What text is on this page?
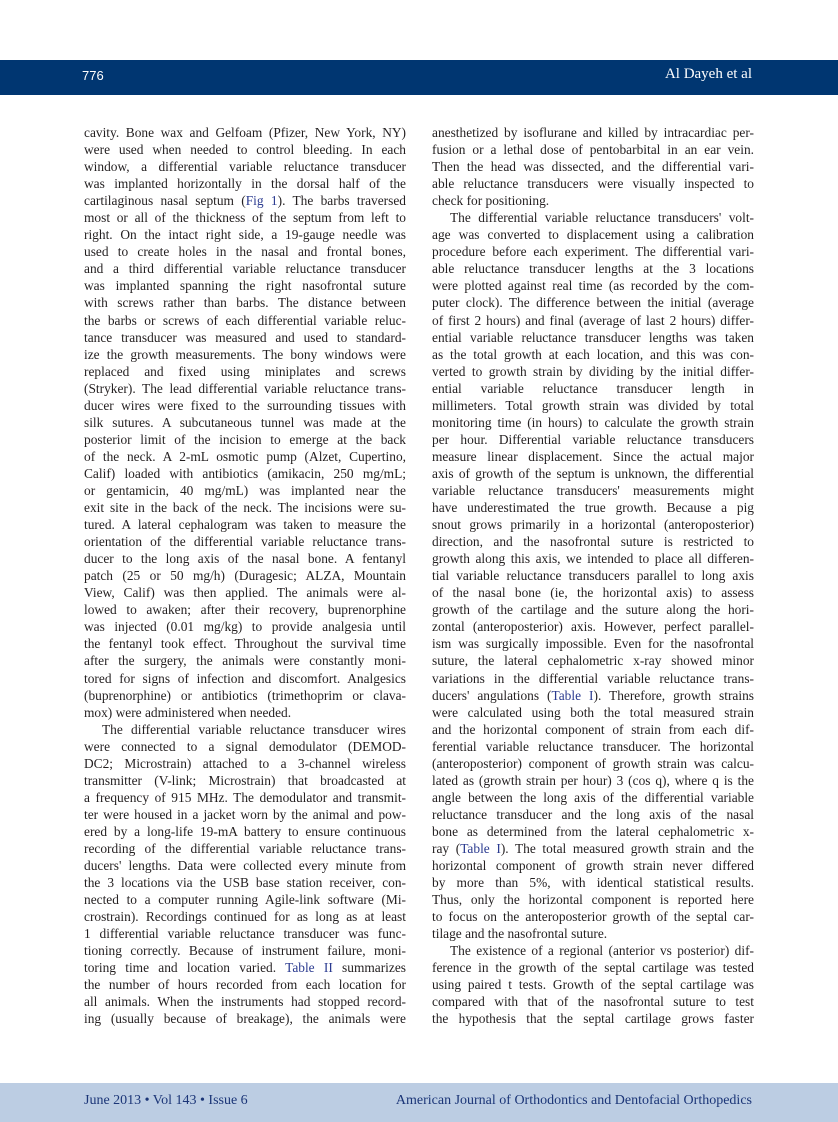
776	Al Dayeh et al
cavity. Bone wax and Gelfoam (Pfizer, New York, NY)
were used when needed to control bleeding. In each
window, a differential variable reluctance transducer
was implanted horizontally in the dorsal half of the
cartilaginous nasal septum (Fig 1). The barbs traversed
most or all of the thickness of the septum from left to
right. On the intact right side, a 19-gauge needle was
used to create holes in the nasal and frontal bones,
and a third differential variable reluctance transducer
was implanted spanning the right nasofrontal suture
with screws rather than barbs. The distance between
the barbs or screws of each differential variable reluc-
tance transducer was measured and used to standard-
ize the growth measurements. The bony windows were
replaced and fixed using miniplates and screws
(Stryker). The lead differential variable reluctance trans-
ducer wires were fixed to the surrounding tissues with
silk sutures. A subcutaneous tunnel was made at the
posterior limit of the incision to emerge at the back
of the neck. A 2-mL osmotic pump (Alzet, Cupertino,
Calif) loaded with antibiotics (amikacin, 250 mg/mL;
or gentamicin, 40 mg/mL) was implanted near the
exit site in the back of the neck. The incisions were su-
tured. A lateral cephalogram was taken to measure the
orientation of the differential variable reluctance trans-
ducer to the long axis of the nasal bone. A fentanyl
patch (25 or 50 mg/h) (Duragesic; ALZA, Mountain
View, Calif) was then applied. The animals were al-
lowed to awaken; after their recovery, buprenorphine
was injected (0.01 mg/kg) to provide analgesia until
the fentanyl took effect. Throughout the survival time
after the surgery, the animals were constantly moni-
tored for signs of infection and discomfort. Analgesics
(buprenorphine) or antibiotics (trimethoprim or clava-
mox) were administered when needed.
The differential variable reluctance transducer wires
were connected to a signal demodulator (DEMOD-
DC2; Microstrain) attached to a 3-channel wireless
transmitter (V-link; Microstrain) that broadcasted at
a frequency of 915 MHz. The demodulator and transmit-
ter were housed in a jacket worn by the animal and pow-
ered by a long-life 19-mA battery to ensure continuous
recording of the differential variable reluctance trans-
ducers' lengths. Data were collected every minute from
the 3 locations via the USB base station receiver, con-
nected to a computer running Agile-link software (Mi-
crostrain). Recordings continued for as long as at least
1 differential variable reluctance transducer was func-
tioning correctly. Because of instrument failure, moni-
toring time and location varied. Table II summarizes
the number of hours recorded from each location for
all animals. When the instruments had stopped record-
ing (usually because of breakage), the animals were
anesthetized by isoflurane and killed by intracardiac per-
fusion or a lethal dose of pentobarbital in an ear vein.
Then the head was dissected, and the differential vari-
able reluctance transducers were visually inspected to
check for positioning.
The differential variable reluctance transducers' volt-
age was converted to displacement using a calibration
procedure before each experiment. The differential vari-
able reluctance transducer lengths at the 3 locations
were plotted against real time (as recorded by the com-
puter clock). The difference between the initial (average
of first 2 hours) and final (average of last 2 hours) differ-
ential variable reluctance transducer lengths was taken
as the total growth at each location, and this was con-
verted to growth strain by dividing by the initial differ-
ential variable reluctance transducer length in
millimeters. Total growth strain was divided by total
monitoring time (in hours) to calculate the growth strain
per hour. Differential variable reluctance transducers
measure linear displacement. Since the actual major
axis of growth of the septum is unknown, the differential
variable reluctance transducers' measurements might
have underestimated the true growth. Because a pig
snout grows primarily in a horizontal (anteroposterior)
direction, and the nasofrontal suture is restricted to
growth along this axis, we intended to place all differen-
tial variable reluctance transducers parallel to long axis
of the nasal bone (ie, the horizontal axis) to assess
growth of the cartilage and the suture along the hori-
zontal (anteroposterior) axis. However, perfect parallel-
ism was surgically impossible. Even for the nasofrontal
suture, the lateral cephalometric x-ray showed minor
variations in the differential variable reluctance trans-
ducers' angulations (Table I). Therefore, growth strains
were calculated using both the total measured strain
and the horizontal component of strain from each dif-
ferential variable reluctance transducer. The horizontal
(anteroposterior) component of growth strain was calcu-
lated as (growth strain per hour) 3 (cos q), where q is the
angle between the long axis of the differential variable
reluctance transducer and the long axis of the nasal
bone as determined from the lateral cephalometric x-
ray (Table I). The total measured growth strain and the
horizontal component of growth strain never differed
by more than 5%, with identical statistical results.
Thus, only the horizontal component is reported here
to focus on the anteroposterior growth of the septal car-
tilage and the nasofrontal suture.
The existence of a regional (anterior vs posterior) dif-
ference in the growth of the septal cartilage was tested
using paired t tests. Growth of the septal cartilage was
compared with that of the nasofrontal suture to test
the hypothesis that the septal cartilage grows faster
June 2013 • Vol 143 • Issue 6	American Journal of Orthodontics and Dentofacial Orthopedics
